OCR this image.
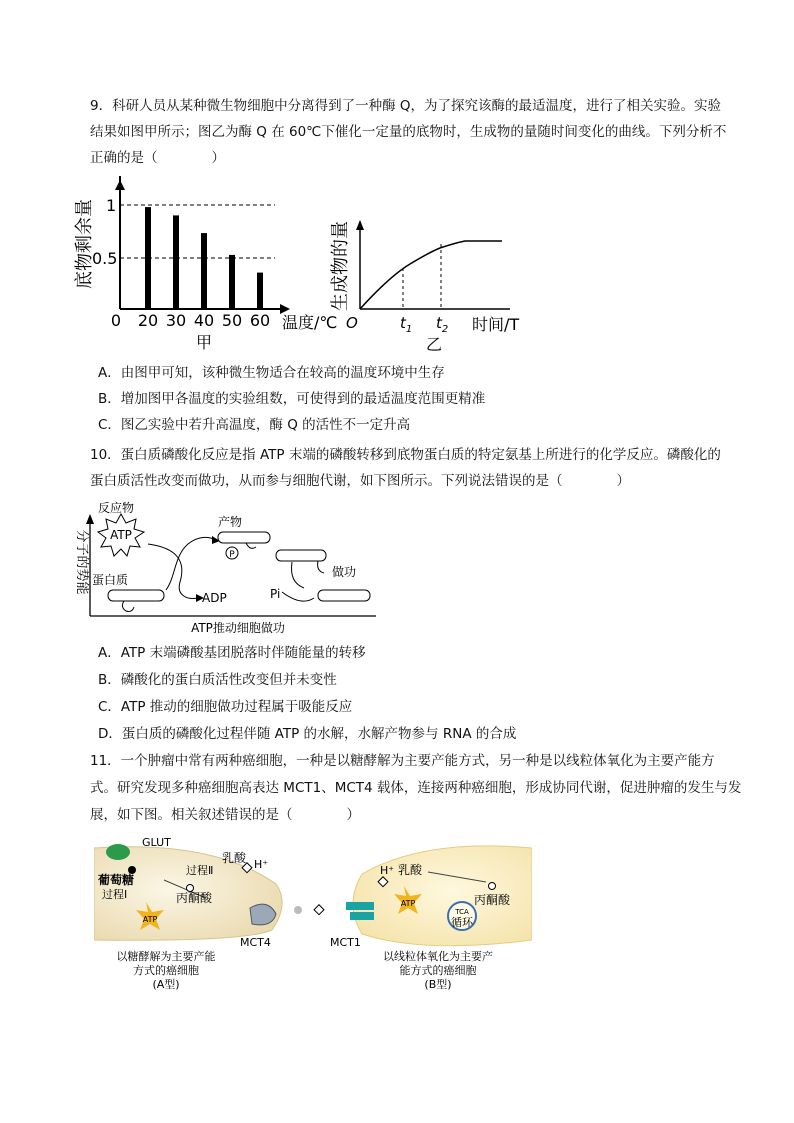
9．科研人员从某种微生物细胞中分离得到了一种酶 Q，为了探究该酶的最适温度，进行了相关实验。实验
结果如图甲所示；图乙为酶 Q 在 60℃下催化一定量的底物时，生成物的量随时间变化的曲线。下列分析不
正确的是（　　　　）
1
0.5
底物剩余量
0 20 30 40 50 60 温度/℃
甲
生成物的量
O	$t_1$ $t_2$ 时间/T
乙
A．由图甲可知，该种微生物适合在较高的温度环境中生存
B．增加图甲各温度的实验组数，可使得到的最适温度范围更精准
C．图乙实验中若升高温度，酶 Q 的活性不一定升高
10．蛋白质磷酸化反应是指 ATP 末端的磷酸转移到底物蛋白质的特定氨基上所进行的化学反应。磷酸化的
蛋白质活性改变而做功，从而参与细胞代谢，如下图所示。下列说法错误的是（　　　　）
分子的势能 ATP
反应物
蛋白质
ADP
产物
P
做功
Pi
ATP推动细胞做功
A．ATP 末端磷酸基团脱落时伴随能量的转移
B．磷酸化的蛋白质活性改变但并未变性
C．ATP 推动的细胞做功过程属于吸能反应
D．蛋白质的磷酸化过程伴随 ATP 的水解，水解产物参与 RNA 的合成
11．一个肿瘤中常有两种癌细胞，一种是以糖酵解为主要产能方式，另一种是以线粒体氧化为主要产能方
式。研究发现多种癌细胞高表达 MCT1、MCT4 载体，连接两种癌细胞，形成协同代谢，促进肿瘤的发生与发
展，如下图。相关叙述错误的是（　　　　）
GLUT
葡萄糖
过程Ⅰ
过程Ⅱ
乳酸 H⁺
丙酮酸
ATP
MCT4	MCT1
H⁺ 乳酸
丙酮酸
ATP
TCA
循环
以糖酵解为主要产能
方式的癌细胞
(A型)
以线粒体氧化为主要产
能方式的癌细胞
(B型)
